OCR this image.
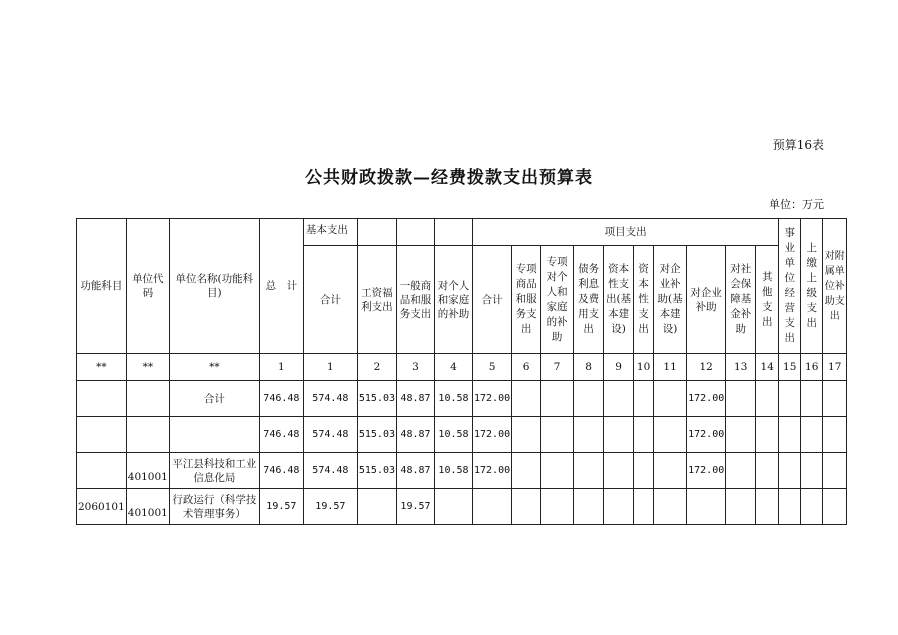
预算16表
公共财政拨款—经费拨款支出预算表
单位：万元
功能科目	单位代码	单位名称(功能科目)	总　计	基本支出				项目支出										事业单位经营支出	上缴上级支出	对附属单位补助支出
				合计	工资福利支出	一般商品和服务支出	对个人和家庭的补助	合计	专项商品和服务支出	专项对个人和家庭的补助	债务利息及费用支出	资本性支出(基本建设)	资本性支出	对企业补助(基本建设)	对企业补助	对社会保障基金补助	其他支出			
**	**	**	1	1	2	3	4	5	6	7	8	9	10	11	12	13	14	15	16	17
		合计	746.48	574.48	515.03	48.87	10.58	172.00							172.00					
			746.48	574.48	515.03	48.87	10.58	172.00							172.00					
	401001	平江县科技和工业信息化局	746.48	574.48	515.03	48.87	10.58	172.00							172.00					
2060101	401001	行政运行（科学技术管理事务）	19.57	19.57		19.57														
